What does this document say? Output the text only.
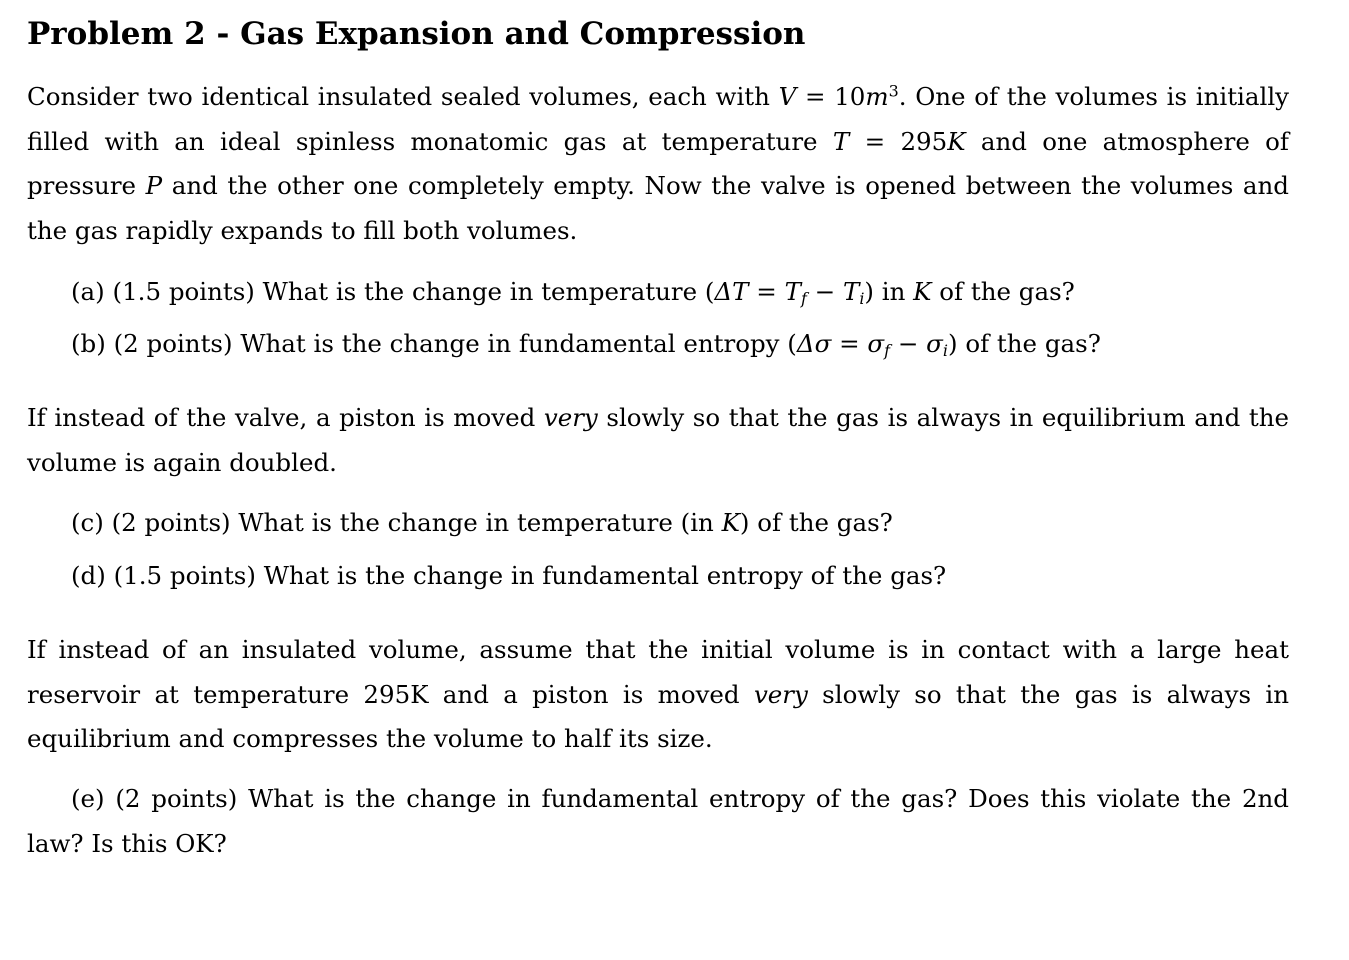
Problem 2 - Gas Expansion and Compression
Consider two identical insulated sealed volumes, each with $V = 10m^3$. One of the volumes is initially filled with an ideal spinless monatomic gas at temperature T = 295K and one atmosphere of pressure P and the other one completely empty. Now the valve is opened between the volumes and the gas rapidly expands to fill both volumes.
(a) (1.5 points) What is the change in temperature $(\Delta T = T_f - T_i)$ in K of the gas?
(b) (2 points) What is the change in fundamental entropy $(\Delta\sigma = \sigma_f - \sigma_i)$ of the gas?
If instead of the valve, a piston is moved very slowly so that the gas is always in equilibrium and the volume is again doubled.
(c) (2 points) What is the change in temperature (in K) of the gas?
(d) (1.5 points) What is the change in fundamental entropy of the gas?
If instead of an insulated volume, assume that the initial volume is in contact with a large heat reservoir at temperature 295K and a piston is moved very slowly so that the gas is always in equilibrium and compresses the volume to half its size.
(e) (2 points) What is the change in fundamental entropy of the gas? Does this violate the 2nd law? Is this OK?
